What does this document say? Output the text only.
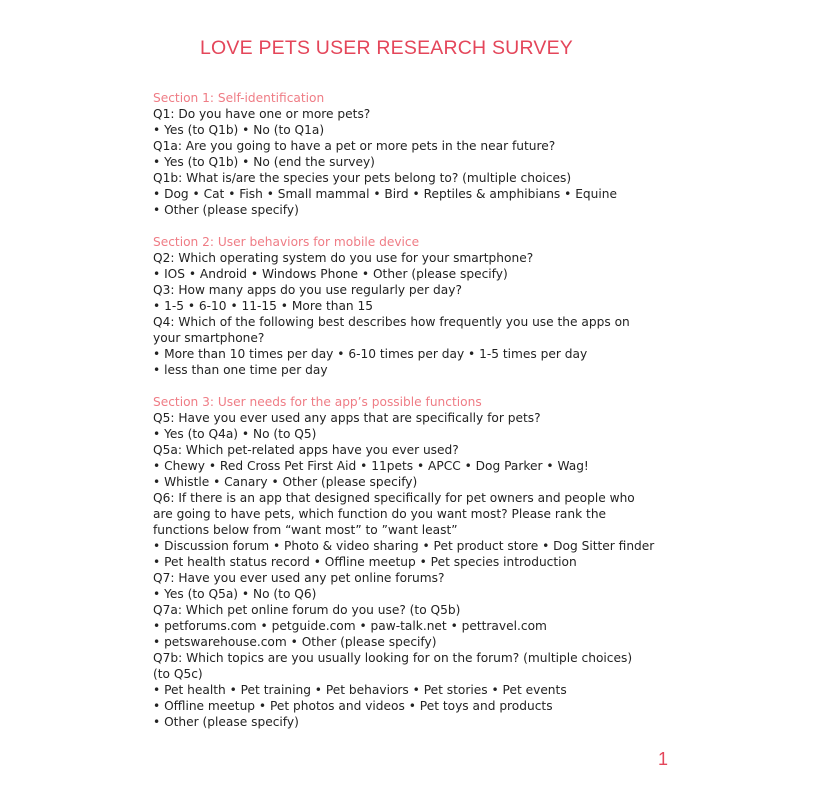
LOVE PETS USER RESEARCH SURVEY
Section 1: Self-identification
Q1: Do you have one or more pets?
• Yes (to Q1b) • No (to Q1a)
Q1a: Are you going to have a pet or more pets in the near future?
• Yes (to Q1b) • No (end the survey)
Q1b: What is/are the species your pets belong to? (multiple choices)
• Dog • Cat • Fish • Small mammal • Bird • Reptiles & amphibians • Equine
• Other (please specify)
Section 2: User behaviors for mobile device
Q2: Which operating system do you use for your smartphone?
• IOS • Android • Windows Phone • Other (please specify)
Q3: How many apps do you use regularly per day?
• 1-5 • 6-10 • 11-15 • More than 15
Q4: Which of the following best describes how frequently you use the apps on your smartphone?
• More than 10 times per day • 6-10 times per day • 1-5 times per day
• less than one time per day
Section 3: User needs for the app’s possible functions
Q5: Have you ever used any apps that are specifically for pets?
• Yes (to Q4a) • No (to Q5)
Q5a: Which pet-related apps have you ever used?
• Chewy • Red Cross Pet First Aid • 11pets • APCC • Dog Parker • Wag!
• Whistle • Canary • Other (please specify)
Q6: If there is an app that designed specifically for pet owners and people who are going to have pets, which function do you want most? Please rank the functions below from “want most” to ”want least”
• Discussion forum • Photo & video sharing • Pet product store • Dog Sitter finder
• Pet health status record • Offline meetup • Pet species introduction
Q7: Have you ever used any pet online forums?
• Yes (to Q5a) • No (to Q6)
Q7a: Which pet online forum do you use? (to Q5b)
• petforums.com • petguide.com • paw-talk.net • pettravel.com
• petswarehouse.com • Other (please specify)
Q7b: Which topics are you usually looking for on the forum? (multiple choices) (to Q5c)
• Pet health • Pet training • Pet behaviors • Pet stories • Pet events
• Offline meetup • Pet photos and videos • Pet toys and products
• Other (please specify)
1
